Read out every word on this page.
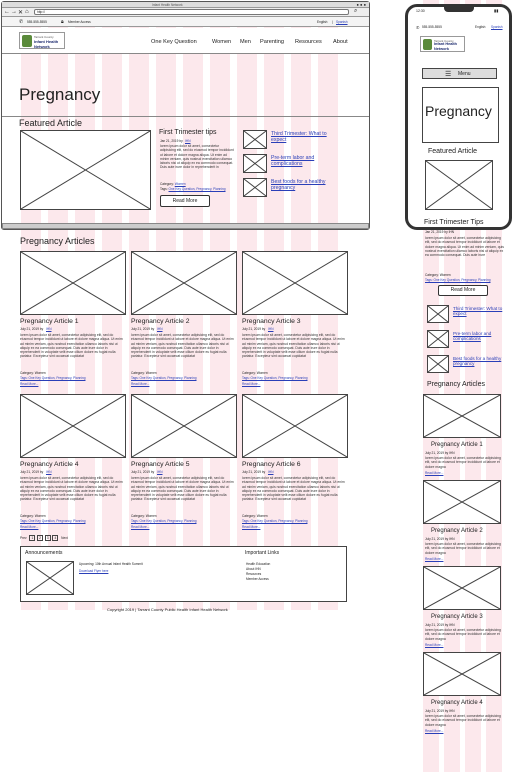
Infant Health Network	● ● ●
← → ✕ ⌂	http://	⌕
✆ 555-555-5555	🔒︎ Member Access	English | Spanish
Tarrant County
Infant Health
Network
One Key Question	Women Men Parenting Resources About
Pregnancy
Featured Article
First Trimester tips
Jan 21, 2019 by IHN
lorem ipsum dolor sit amet, consectetur adipisicing elit, sed do eiusmod tempor incididunt ut labore et dolore magna aliqua. Ut enim ad minim veniam, quis nostrud exercitation ullamco laboris nisi ut aliquip ex ea commodo consequat. Duis aute irure dolor in reprehenderit in
Category: Women
Tags: One Key Question, Pregnancy, Planning
Read More
Third Trimester: What to expect
Pre-term labor and complications
Best foods for a healthy pregnancy
Pregnancy Articles
Pregnancy Article 1
July 21, 2019 by IHN
lorem ipsum dolor sit amet, consectetur adipisicing elit, sed do eiusmod tempor incididunt ut labore et dolore magna aliqua. Ut enim ad minim veniam, quis nostrud exercitation ullamco laboris nisi ut aliquip ex ea commodo consequat. Duis aute irure dolor in reprehenderit in voluptate velit esse cillum dolore eu fugiat nulla pariatur. Excepteur sint occaecat cupidatat
Category: Women
Tags: One Key Question, Pregnancy, Planning
Read More...
Pregnancy Article 2
July 21, 2019 by IHN
lorem ipsum dolor sit amet, consectetur adipisicing elit, sed do eiusmod tempor incididunt ut labore et dolore magna aliqua. Ut enim ad minim veniam, quis nostrud exercitation ullamco laboris nisi ut aliquip ex ea commodo consequat. Duis aute irure dolor in reprehenderit in voluptate velit esse cillum dolore eu fugiat nulla pariatur. Excepteur sint occaecat cupidatat
Category: Women
Tags: One Key Question, Pregnancy, Planning
Read More...
Pregnancy Article 3
July 21, 2019 by IHN
lorem ipsum dolor sit amet, consectetur adipisicing elit, sed do eiusmod tempor incididunt ut labore et dolore magna aliqua. Ut enim ad minim veniam, quis nostrud exercitation ullamco laboris nisi ut aliquip ex ea commodo consequat. Duis aute irure dolor in reprehenderit in voluptate velit esse cillum dolore eu fugiat nulla pariatur. Excepteur sint occaecat cupidatat
Category: Women
Tags: One Key Question, Pregnancy, Planning
Read More...
Pregnancy Article 4
July 21, 2019 by IHN
lorem ipsum dolor sit amet, consectetur adipisicing elit, sed do eiusmod tempor incididunt ut labore et dolore magna aliqua. Ut enim ad minim veniam, quis nostrud exercitation ullamco laboris nisi ut aliquip ex ea commodo consequat. Duis aute irure dolor in reprehenderit in voluptate velit esse cillum dolore eu fugiat nulla pariatur. Excepteur sint occaecat cupidatat
Category: Women
Tags: One Key Question, Pregnancy, Planning
Read More...
Pregnancy Article 5
July 21, 2019 by IHN
lorem ipsum dolor sit amet, consectetur adipisicing elit, sed do eiusmod tempor incididunt ut labore et dolore magna aliqua. Ut enim ad minim veniam, quis nostrud exercitation ullamco laboris nisi ut aliquip ex ea commodo consequat. Duis aute irure dolor in reprehenderit in voluptate velit esse cillum dolore eu fugiat nulla pariatur. Excepteur sint occaecat cupidatat
Category: Women
Tags: One Key Question, Pregnancy, Planning
Read More...
Pregnancy Article 6
July 21, 2019 by IHN
lorem ipsum dolor sit amet, consectetur adipisicing elit, sed do eiusmod tempor incididunt ut labore et dolore magna aliqua. Ut enim ad minim veniam, quis nostrud exercitation ullamco laboris nisi ut aliquip ex ea commodo consequat. Duis aute irure dolor in reprehenderit in voluptate velit esse cillum dolore eu fugiat nulla pariatur. Excepteur sint occaecat cupidatat
Category: Women
Tags: One Key Question, Pregnancy, Planning
Read More...
Prev 1 2 3 4 Next
Announcements
Upcoming: 10th Annual Infant Health Summit
Download Flyer here
Important Links
Health Education
About IHN
Resources
Member Access
Copyright 2019 | Tarrant County Public Health Infant Health Network
12:30	▮▮
✆ 555-555-5555	English Spanish
Tarrant County
Infant Health
Network
☰ Menu
Pregnancy
Featured Article
First Trimester Tips
Jan 21, 2019 by IHN
lorem ipsum dolor sit amet, consectetur adipisicing elit, sed do eiusmod tempor incididunt ut labore et dolore magna aliqua. Ut enim ad minim veniam, quis nostrud exercitation ullamco laboris nisi ut aliquip ex ea commodo consequat. Duis aute irure
Category: Women
Tags: One Key Question, Pregnancy, Planning
Read More
Third Trimester: What to expect
Pre-term labor and complications
Best foods for a healthy pregnancy
Pregnancy Articles
Pregnancy Article 1
July 21, 2019 by IHN
lorem ipsum dolor sit amet, consectetur adipisicing elit, sed do eiusmod tempor incididunt ut labore et dolore magna
Read More...
Pregnancy Article 2
July 21, 2019 by IHN
lorem ipsum dolor sit amet, consectetur adipisicing elit, sed do eiusmod tempor incididunt ut labore et dolore magna
Read More...
Pregnancy Article 3
July 21, 2019 by IHN
lorem ipsum dolor sit amet, consectetur adipisicing elit, sed do eiusmod tempor incididunt ut labore et dolore magna
Read More...
Pregnancy Article 4
July 21, 2019 by IHN
lorem ipsum dolor sit amet, consectetur adipisicing elit, sed do eiusmod tempor incididunt ut labore et dolore magna
Read More...
